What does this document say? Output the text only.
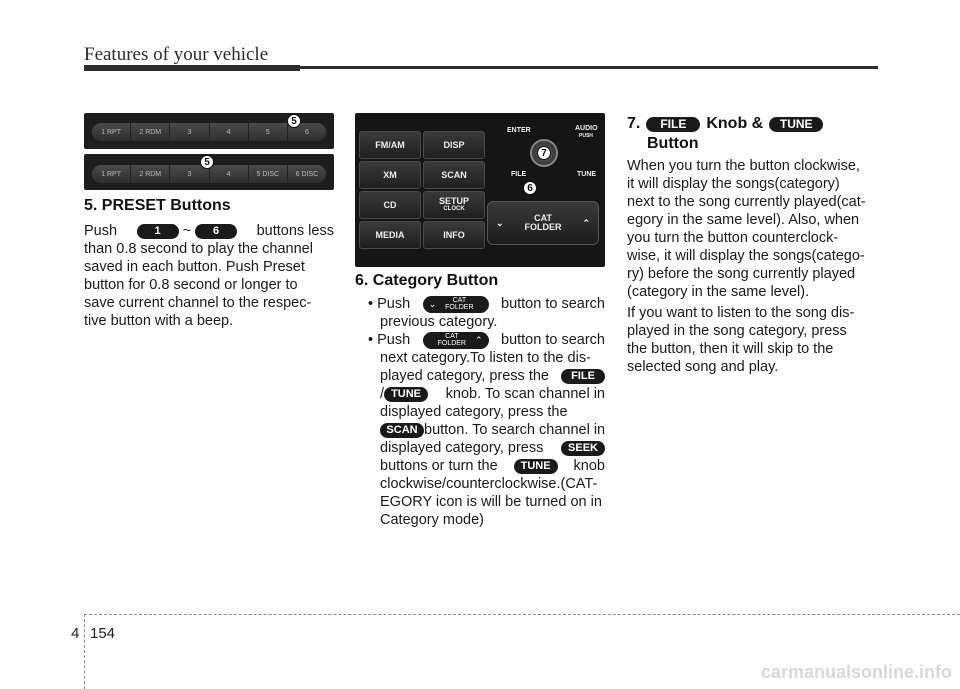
Features of your vehicle
1 RPT	2 RDM	3	4	5	6
5
1 RPT	2 RDM	3	4	5 DISC	6 DISC
5
5. PRESET Buttons
Push	1	~	6	buttons less
than 0.8 second to play the channel
saved in each button. Push Preset
button for 0.8 second or longer to
save current channel to the respec-
tive button with a beep.
FM/AM	DISP
XM	SCAN
CD	SETUP
CLOCK
MEDIA	INFO
ENTER	AUDIO
PUSH
7
FILE	TUNE
6
⌄	CAT
FOLDER ⌃
6. Category Button
• Push ⌄	CAT
FOLDER	button to search
previous category.
• Push	CAT
FOLDER	⌃ button to search
next category.To listen to the dis-
played category, press the	FILE
/ TUNE	knob. To scan channel in
displayed category, press the
SCAN button. To search channel in
displayed category, press	SEEK
buttons or turn the	TUNE	knob
clockwise/counterclockwise.(CAT-
EGORY icon is will be turned on in
Category mode)
7.	FILE	Knob &	TUNE
Button
When you turn the button clockwise,
it will display the songs(category)
next to the song currently played(cat-
egory in the same level). Also, when
you turn the button counterclock-
wise, it will display the songs(catego-
ry) before the song currently played
(category in the same level).
If you want to listen to the song dis-
played in the song category, press
the button, then it will skip to the
selected song and play.
4 154
carmanualsonline.info
